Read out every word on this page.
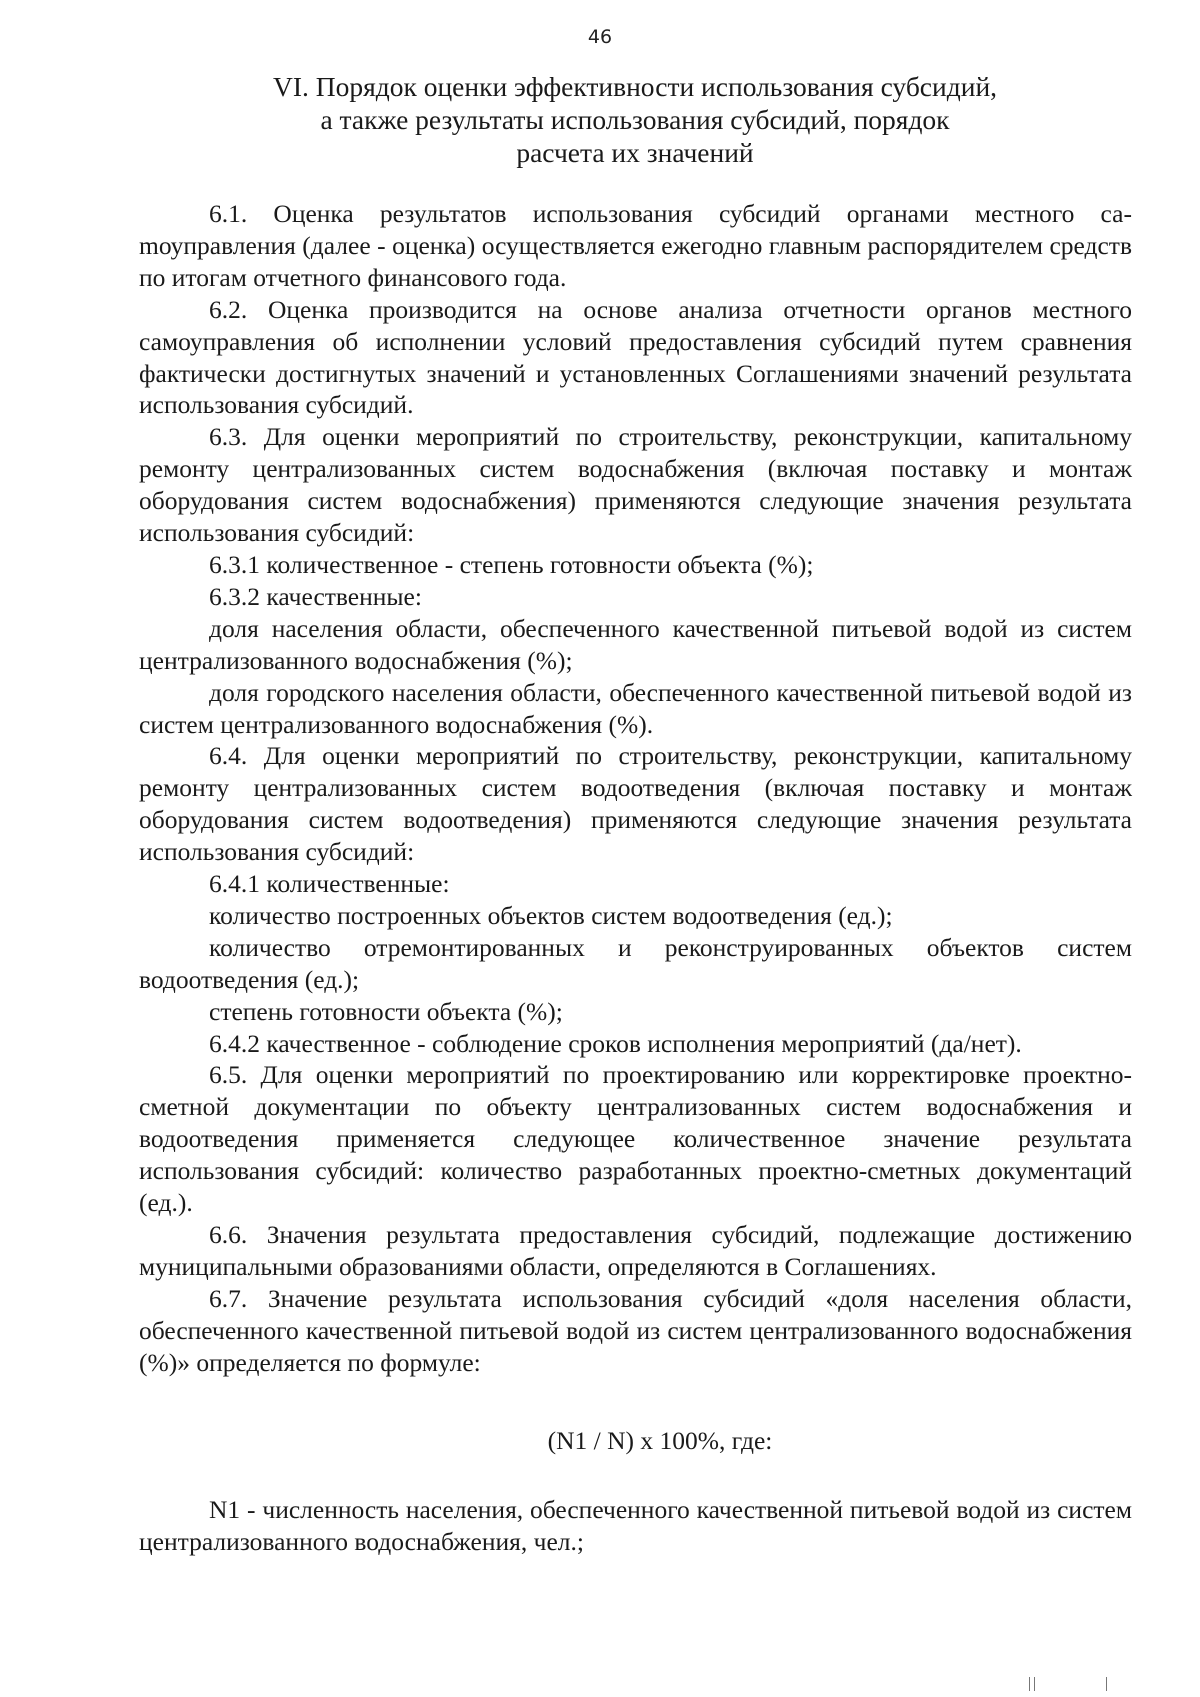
46
VI. Порядок оценки эффективности использования субсидий,
а также результаты использования субсидий, порядок
расчета их значений

6.1. Оценка результатов использования субсидий органами местного саmоуправления (далее - оценка) осуществляется ежегодно главным распорядителем средств по итогам отчетного финансового года.

6.2. Оценка производится на основе анализа отчетности органов местного самоуправления об исполнении условий предоставления субсидий путем сравнения фактически достигнутых значений и установленных Соглашениями значений результата использования субсидий.

6.3. Для оценки мероприятий по строительству, реконструкции, капитальному ремонту централизованных систем водоснабжения (включая поставку и монтаж оборудования систем водоснабжения) применяются следующие значения результата использования субсидий:

6.3.1 количественное - степень готовности объекта (%);

6.3.2 качественные:

доля населения области, обеспеченного качественной питьевой водой из систем централизованного водоснабжения (%);

доля городского населения области, обеспеченного качественной питьевой водой из систем централизованного водоснабжения (%).

6.4. Для оценки мероприятий по строительству, реконструкции, капитальному ремонту централизованных систем водоотведения (включая поставку и монтаж оборудования систем водоотведения) применяются следующие значения результата использования субсидий:

6.4.1 количественные:

количество построенных объектов систем водоотведения (ед.);

количество отремонтированных и реконструированных объектов систем водоотведения (ед.);

степень готовности объекта (%);

6.4.2 качественное - соблюдение сроков исполнения мероприятий (да/нет).

6.5. Для оценки мероприятий по проектированию или корректировке проектно-сметной документации по объекту централизованных систем водоснабжения и водоотведения применяется следующее количественное значение результата использования субсидий: количество разработанных проектно-сметных документаций (ед.).

6.6. Значения результата предоставления субсидий, подлежащие достижению муниципальными образованиями области, определяются в Соглашениях.

6.7. Значение результата использования субсидий «доля населения области, обеспеченного качественной питьевой водой из систем централизованного водоснабжения (%)» определяется по формуле:

(N1 / N) x 100%, где:

N1 - численность населения, обеспеченного качественной питьевой водой из систем централизованного водоснабжения, чел.;
